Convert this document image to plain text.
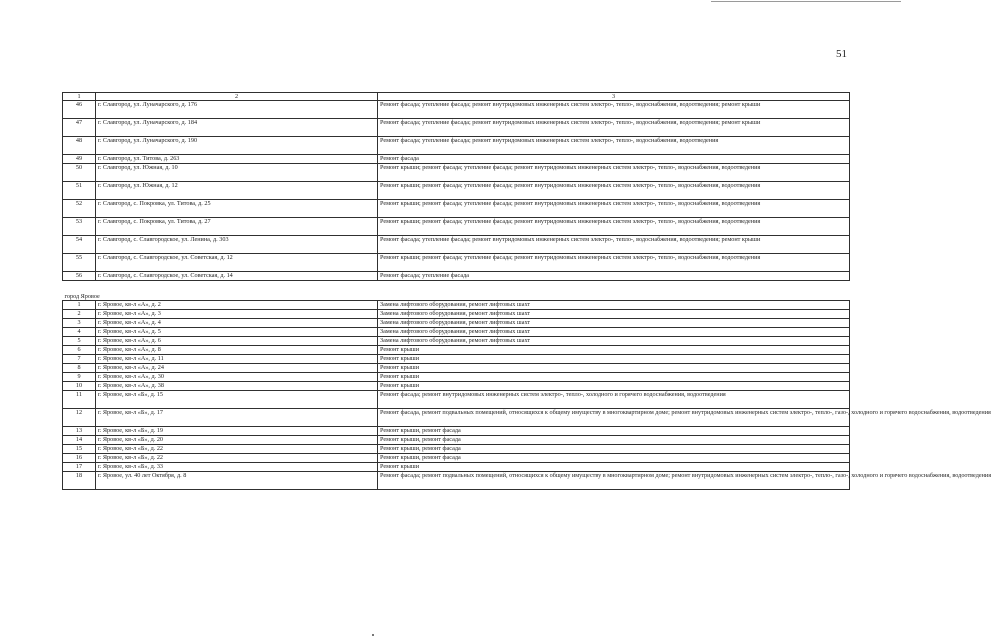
51
1	2	3
46	г. Славгород, ул. Луначарского, д. 176	Ремонт фасада; утепление фасада; ремонт внутридомовых инженерных систем электро-, тепло-, водоснабжения, водоотведения; ремонт крыши
47	г. Славгород, ул. Луначарского, д. 184	Ремонт фасада; утепление фасада; ремонт внутридомовых инженерных систем электро-, тепло-, водоснабжения, водоотведения; ремонт крыши
48	г. Славгород, ул. Луначарского, д. 190	Ремонт фасада; утепление фасада; ремонт внутридомовых инженерных систем электро-, тепло-, водоснабжения, водоотведения
49	г. Славгород, ул. Титова, д. 263	Ремонт фасада
50	г. Славгород, ул. Южная, д. 10	Ремонт крыши; ремонт фасада; утепление фасада; ремонт внутридомовых инженерных систем электро-, тепло-, водоснабжения, водоотведения
51	г. Славгород, ул. Южная, д. 12	Ремонт крыши; ремонт фасада; утепление фасада; ремонт внутридомовых инженерных систем электро-, тепло-, водоснабжения, водоотведения
52	г. Славгород, с. Покровка, ул. Титова, д. 25	Ремонт крыши; ремонт фасада; утепление фасада; ремонт внутридомовых инженерных систем электро-, тепло-, водоснабжения, водоотведения
53	г. Славгород, с. Покровка, ул. Титова, д. 27	Ремонт крыши; ремонт фасада; утепление фасада; ремонт внутридомовых инженерных систем электро-, тепло-, водоснабжения, водоотведения
54	г. Славгород, с. Славгородское, ул. Ленина, д. 303	Ремонт фасада; утепление фасада; ремонт внутридомовых инженерных систем электро-, тепло-, водоснабжения, водоотведения; ремонт крыши
55	г. Славгород, с. Славгородское, ул. Советская, д. 12	Ремонт крыши; ремонт фасада; утепление фасада; ремонт внутридомовых инженерных систем электро-, тепло-, водоснабжения, водоотведения
56	г. Славгород, с. Славгородское, ул. Советская, д. 14	Ремонт фасада; утепление фасада
город Яровое		
1	г. Яровое, кв-л «А», д. 2	Замена лифтового оборудования, ремонт лифтовых шахт
2	г. Яровое, кв-л «А», д. 3	Замена лифтового оборудования, ремонт лифтовых шахт
3	г. Яровое, кв-л «А», д. 4	Замена лифтового оборудования, ремонт лифтовых шахт
4	г. Яровое, кв-л «А», д. 5	Замена лифтового оборудования, ремонт лифтовых шахт
5	г. Яровое, кв-л «А», д. 6	Замена лифтового оборудования, ремонт лифтовых шахт
6	г. Яровое, кв-л «А», д. 8	Ремонт крыши
7	г. Яровое, кв-л «А», д. 11	Ремонт крыши
8	г. Яровое, кв-л «А», д. 24	Ремонт крыши
9	г. Яровое, кв-л «А», д. 30	Ремонт крыши
10	г. Яровое, кв-л «А», д. 38	Ремонт крыши
11	г. Яровое, кв-л «Б», д. 15	Ремонт фасада; ремонт внутридомовых инженерных систем электро-, тепло-, холодного и горячего водоснабжения, водоотведения
12	г. Яровое, кв-л «Б», д. 17	Ремонт фасада, ремонт подвальных помещений, относящихся к общему имуществу в многоквартирном доме; ремонт внутридомовых инженерных систем электро-, тепло-, газо-, холодного и горячего водоснабжения, водоотведения
13	г. Яровое, кв-л «Б», д. 19	Ремонт крыши, ремонт фасада
14	г. Яровое, кв-л «Б», д. 20	Ремонт крыши, ремонт фасада
15	г. Яровое, кв-л «Б», д. 22	Ремонт крыши, ремонт фасада
16	г. Яровое, кв-л «Б», д. 22	Ремонт крыши, ремонт фасада
17	г. Яровое, кв-л «Б», д. 33	Ремонт крыши
18	г. Яровое, ул. 40 лет Октября, д. 8	Ремонт фасада; ремонт подвальных помещений, относящихся к общему имуществу в многоквартирном доме; ремонт внутридомовых инженерных систем электро-, тепло-, газо-, холодного и горячего водоснабжения, водоотведения
